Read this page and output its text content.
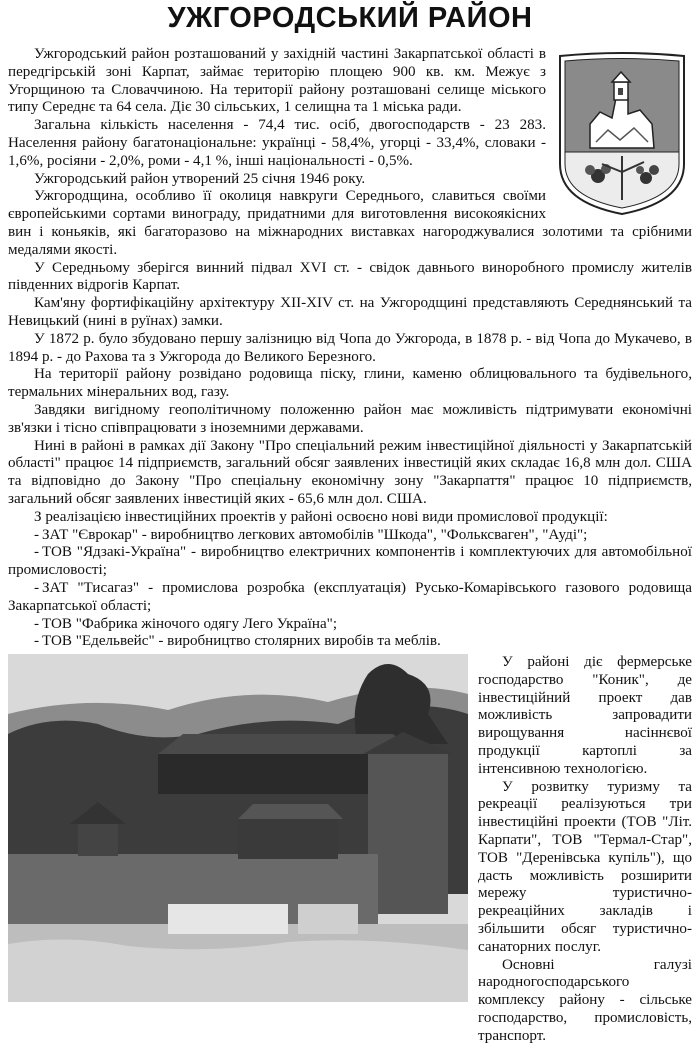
УЖГОРОДСЬКИЙ РАЙОН

Ужгородський район розташований у західній частині Закарпатської області в передгірській зоні Карпат, займає територію площею 900 кв. км. Межує з Угорщиною та Словаччиною. На території району розташовані селище міського типу Середнє та 64 села. Діє 30 сільських, 1 селищна та 1 міська ради.

Загальна кількість населення - 74,4 тис. осіб, двогосподарств - 23 283. Населення району багатонаціональне: українці - 58,4%, угорці - 33,4%, словаки - 1,6%, росіяни - 2,0%, роми - 4,1 %, інші національності - 0,5%.

Ужгородський район утворений 25 січня 1946 року.

Ужгородщина, особливо її околиця навкруги Середнього, славиться своїми європейськими сортами винограду, придатними для виготовлення високоякісних вин і коньяків, які багаторазово на міжнародних виставках нагороджувалися золотими та срібними медалями якості.

У Середньому зберігся винний підвал XVI ст. - свідок давнього виноробного промислу жителів південних відрогів Карпат.

Кам'яну фортифікаційну архітектуру XII-XIV ст. на Ужгородщині представляють Середнянський та Невицький (нині в руїнах) замки.

У 1872 р. було збудовано першу залізницю від Чопа до Ужгорода, в 1878 р. - від Чопа до Мукачево, в 1894 р. - до Рахова та з Ужгорода до Великого Березного.

На території району розвідано родовища піску, глини, каменю облицювального та будівельного, термальних мінеральних вод, газу.

Завдяки вигідному геополітичному положенню район має можливість підтримувати економічні зв'язки і тісно співпрацювати з іноземними державами.

Нині в районі в рамках дії Закону "Про спеціальний режим інвестиційної діяльності у Закарпатській області" працює 14 підприємств, загальний обсяг заявлених інвестицій яких складає 16,8 млн дол. США та відповідно до Закону "Про спеціальну економічну зону "Закарпаття" працює 10 підприємств, загальний обсяг заявлених інвестицій яких - 65,6 млн дол. США.

З реалізацією інвестиційних проектів у районі освоєно нові види промислової продукції:

- ЗАТ "Єврокар" - виробництво легкових автомобілів "Шкода", "Фольксваген", "Ауді";
- ТОВ "Ядзакі-Україна" - виробництво електричних компонентів і комплектуючих для автомобільної промисловості;
- ЗАТ "Тисагаз" - промислова розробка (експлуатація) Русько-Комарівського газового родовища Закарпатської області;
- ТОВ "Фабрика жіночого одягу Лего Україна";
- ТОВ "Едельвейс" - виробництво столярних виробів та меблів.

У районі діє фермерське господарство "Коник", де інвестиційний проект дав можливість запровадити вирощування насіннєвої продукції картоплі за інтенсивною технологією.

У розвитку туризму та рекреації реалізуються три інвестиційні проекти (ТОВ "Літ. Карпати", ТОВ "Термал-Стар", ТОВ "Деренівська купіль"), що дасть можливість розширити мережу туристично-рекреаційних закладів і збільшити обсяг туристично-санаторних послуг.

Основні галузі народногосподарського комплексу району - сільське господарство, промисловість, транспорт.
